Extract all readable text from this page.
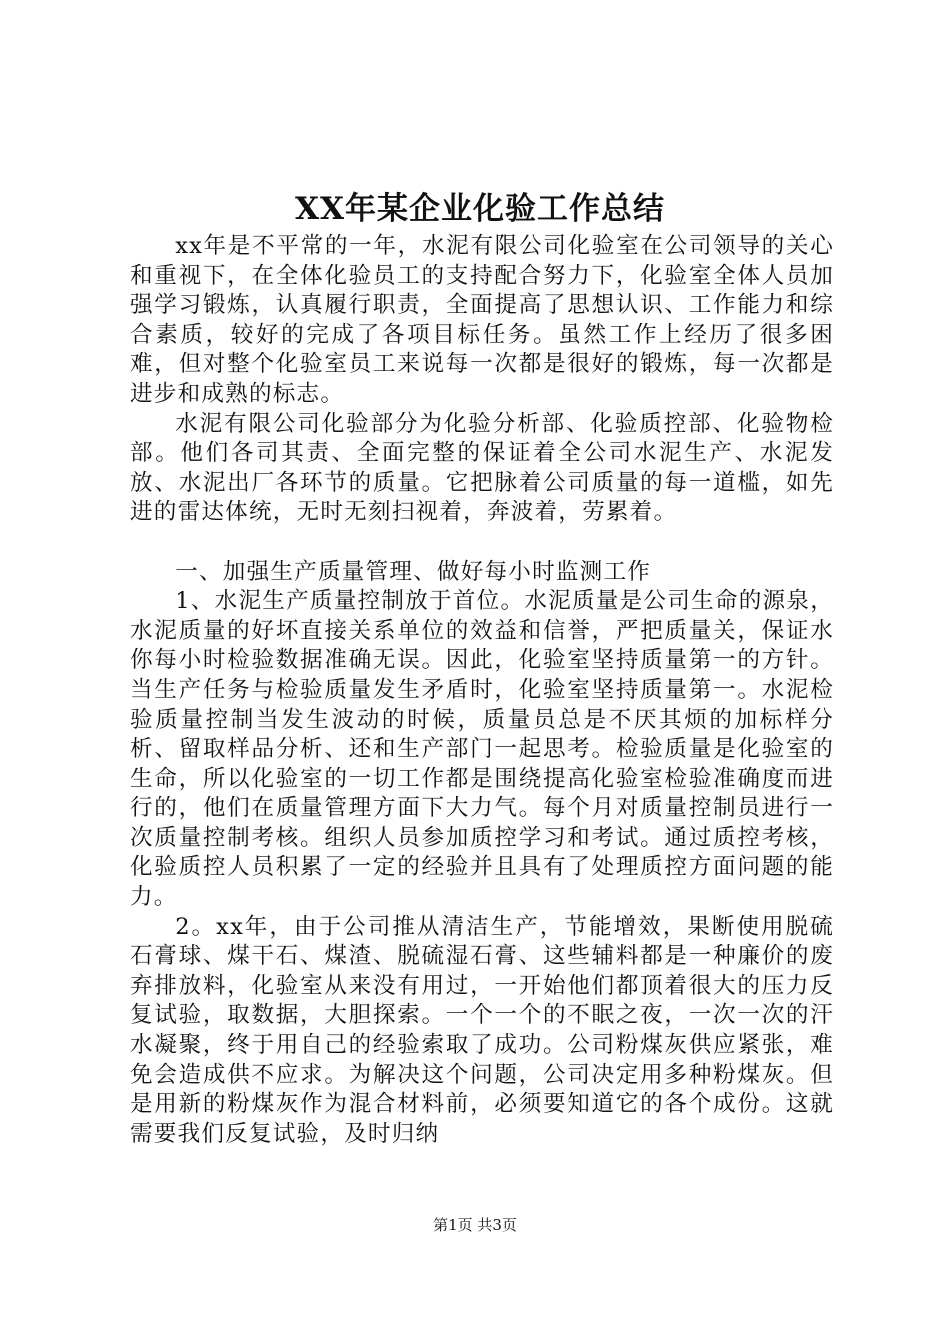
XX年某企业化验工作总结

xx年是不平常的一年，水泥有限公司化验室在公司领导的关心和重视下，在全体化验员工的支持配合努力下，化验室全体人员加强学习锻炼，认真履行职责，全面提高了思想认识、工作能力和综合素质，较好的完成了各项目标任务。虽然工作上经历了很多困难，但对整个化验室员工来说每一次都是很好的锻炼，每一次都是进步和成熟的标志。

水泥有限公司化验部分为化验分析部、化验质控部、化验物检部。他们各司其责、全面完整的保证着全公司水泥生产、水泥发放、水泥出厂各环节的质量。它把脉着公司质量的每一道槛，如先进的雷达体统，无时无刻扫视着，奔波着，劳累着。

一、加强生产质量管理、做好每小时监测工作

1、水泥生产质量控制放于首位。水泥质量是公司生命的源泉，水泥质量的好坏直接关系单位的效益和信誉，严把质量关，保证水你每小时检验数据准确无误。因此，化验室坚持质量第一的方针。当生产任务与检验质量发生矛盾时，化验室坚持质量第一。水泥检验质量控制当发生波动的时候，质量员总是不厌其烦的加标样分析、留取样品分析、还和生产部门一起思考。检验质量是化验室的生命，所以化验室的一切工作都是围绕提高化验室检验准确度而进行的，他们在质量管理方面下大力气。每个月对质量控制员进行一次质量控制考核。组织人员参加质控学习和考试。通过质控考核，化验质控人员积累了一定的经验并且具有了处理质控方面问题的能力。

2。xx年，由于公司推从清洁生产，节能增效，果断使用脱硫石膏球、煤干石、煤渣、脱硫湿石膏、这些辅料都是一种廉价的废弃排放料，化验室从来没有用过，一开始他们都顶着很大的压力反复试验，取数据，大胆探索。一个一个的不眠之夜，一次一次的汗水凝聚，终于用自己的经验索取了成功。公司粉煤灰供应紧张，难免会造成供不应求。为解决这个问题，公司决定用多种粉煤灰。但是用新的粉煤灰作为混合材料前，必须要知道它的各个成份。这就需要我们反复试验，及时归纳

第1页 共3页
